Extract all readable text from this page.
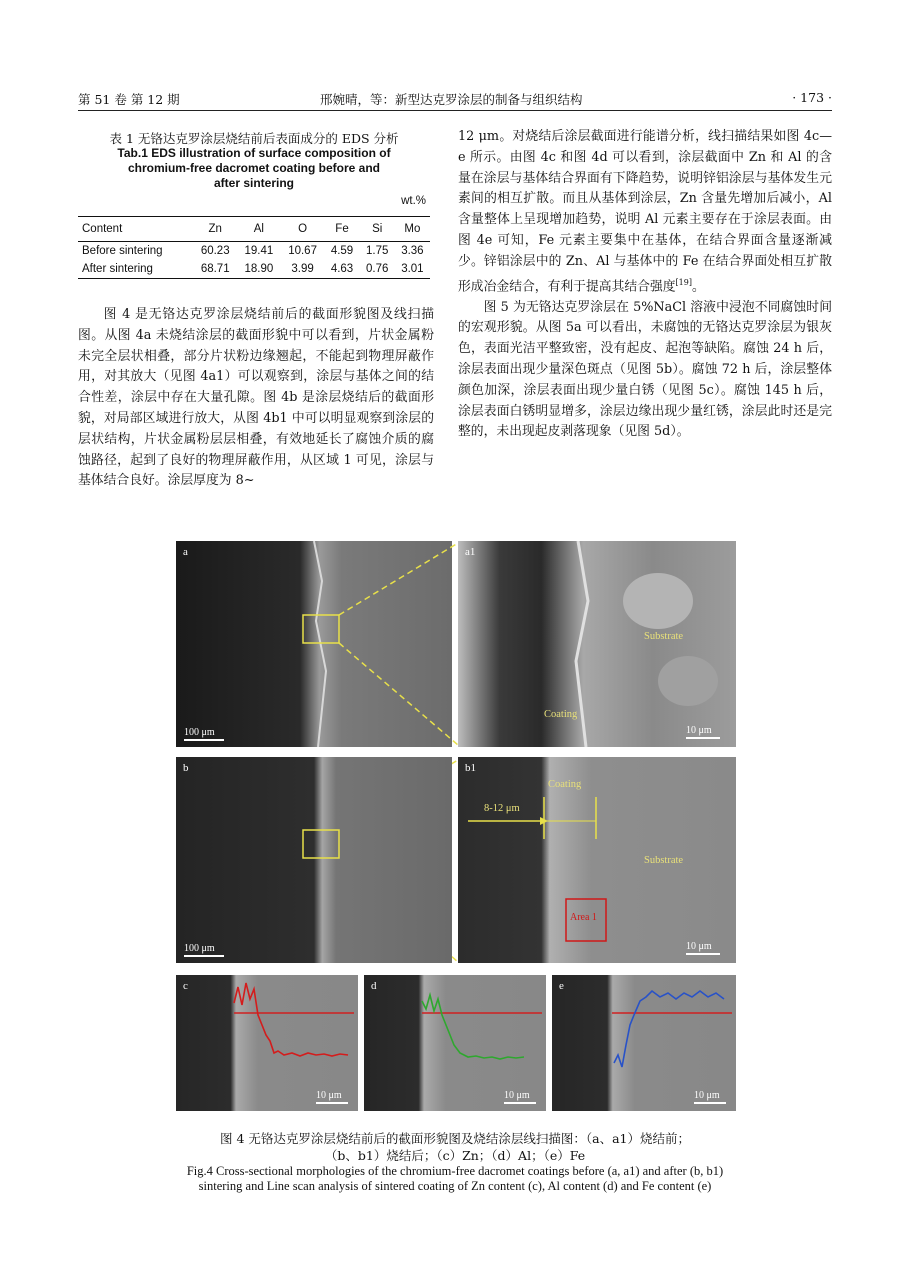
第 51 卷 第 12 期	邢婉晴，等：新型达克罗涂层的制备与组织结构	· 173 ·
表 1 无铬达克罗涂层烧结前后表面成分的 EDS 分析
Tab.1 EDS illustration of surface composition of
chromium-free dacromet coating before and
after sintering
wt.%
Content	Zn	Al	O	Fe	Si	Mo
Before sintering	60.23	19.41	10.67	4.59	1.75	3.36
After sintering	68.71	18.90	3.99	4.63	0.76	3.01

图 4 是无铬达克罗涂层烧结前后的截面形貌图及线扫描图。从图 4a 未烧结涂层的截面形貌中可以看到，片状金属粉未完全层状相叠，部分片状粉边缘翘起，不能起到物理屏蔽作用，对其放大（见图 4a1）可以观察到，涂层与基体之间的结合性差，涂层中存在大量孔隙。图 4b 是涂层烧结后的截面形貌，对局部区域进行放大，从图 4b1 中可以明显观察到涂层的层状结构，片状金属粉层层相叠，有效地延长了腐蚀介质的腐蚀路径，起到了良好的物理屏蔽作用，从区域 1 可见，涂层与基体结合良好。涂层厚度为 8~

12 μm。对烧结后涂层截面进行能谱分析，线扫描结果如图 4c—e 所示。由图 4c 和图 4d 可以看到，涂层截面中 Zn 和 Al 的含量在涂层与基体结合界面有下降趋势，说明锌铝涂层与基体发生元素间的相互扩散。而且从基体到涂层，Zn 含量先增加后减小，Al 含量整体上呈现增加趋势，说明 Al 元素主要存在于涂层表面。由图 4e 可知，Fe 元素主要集中在基体，在结合界面含量逐渐减少。锌铝涂层中的 Zn、Al 与基体中的 Fe 在结合界面处相互扩散形成冶金结合，有利于提高其结合强度[19]。

图 5 为无铬达克罗涂层在 5%NaCl 溶液中浸泡不同腐蚀时间的宏观形貌。从图 5a 可以看出，未腐蚀的无铬达克罗涂层为银灰色，表面光洁平整致密，没有起皮、起泡等缺陷。腐蚀 24 h 后，涂层表面出现少量深色斑点（见图 5b）。腐蚀 72 h 后，涂层整体颜色加深，涂层表面出现少量白锈（见图 5c）。腐蚀 145 h 后，涂层表面白锈明显增多，涂层边缘出现少量红锈，涂层此时还是完整的，未出现起皮剥落现象（见图 5d）。

a
100 μm
a1
Substrate
Coating
10 μm
b
100 μm
b1
Coating
8-12 μm
Substrate
Area 1
10 μm
c
10 μm
d
10 μm
e
10 μm
图 4 无铬达克罗涂层烧结前后的截面形貌图及烧结涂层线扫描图：（a、a1）烧结前；
（b、b1）烧结后；（c）Zn；（d）Al；（e）Fe
Fig.4 Cross-sectional morphologies of the chromium-free dacromet coatings before (a, a1) and after (b, b1)
sintering and Line scan analysis of sintered coating of Zn content (c), Al content (d) and Fe content (e)
